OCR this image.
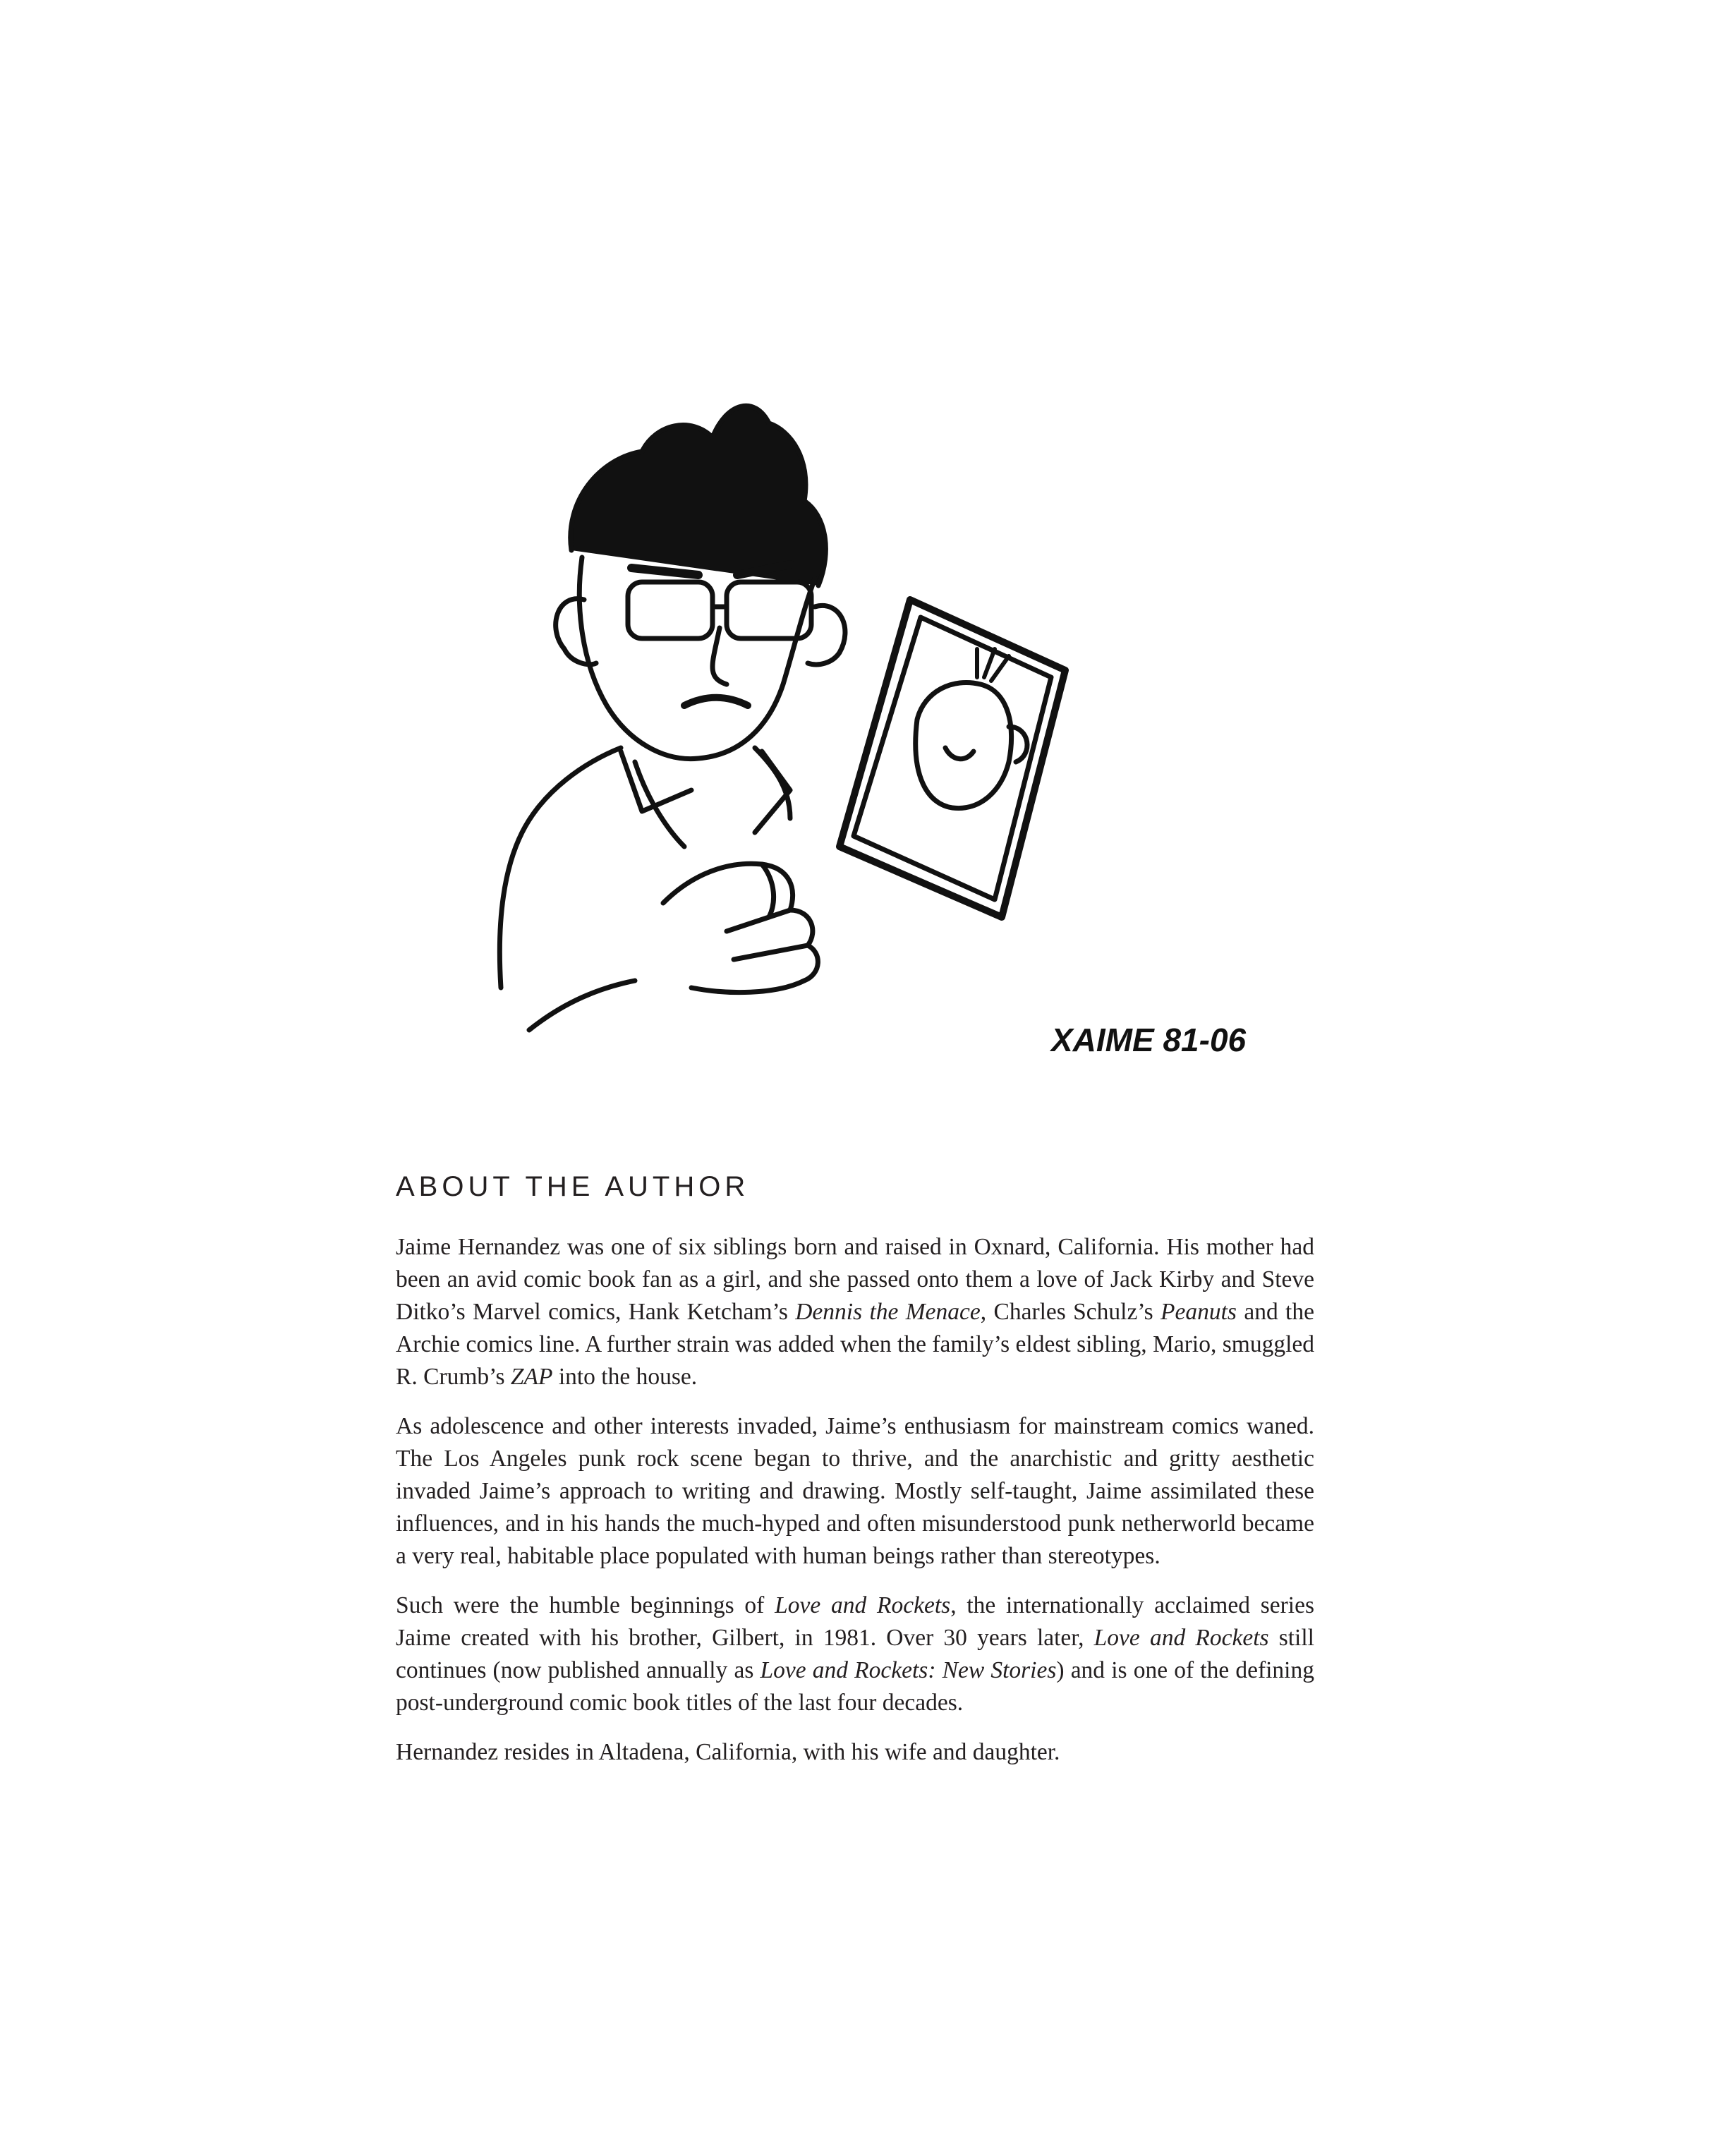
XAIME 81-06
ABOUT THE AUTHOR

Jaime Hernandez was one of six siblings born and raised in Oxnard, California. His mother had been an avid comic book fan as a girl, and she passed onto them a love of Jack Kirby and Steve Ditko’s Marvel comics, Hank Ketcham’s Dennis the Menace, Charles Schulz’s Peanuts and the Archie comics line. A further strain was added when the family’s eldest sibling, Mario, smuggled R. Crumb’s ZAP into the house.

As adolescence and other interests invaded, Jaime’s enthusiasm for mainstream comics waned. The Los Angeles punk rock scene began to thrive, and the anarchistic and gritty aesthetic invaded Jaime’s approach to writing and drawing. Mostly self-taught, Jaime assimilated these influences, and in his hands the much-hyped and often misunderstood punk netherworld became a very real, habitable place populated with human beings rather than stereotypes.

Such were the humble beginnings of Love and Rockets, the internationally acclaimed series Jaime created with his brother, Gilbert, in 1981. Over 30 years later, Love and Rockets still continues (now published annually as Love and Rockets: New Stories) and is one of the defining post-underground comic book titles of the last four decades.

Hernandez resides in Altadena, California, with his wife and daughter.
